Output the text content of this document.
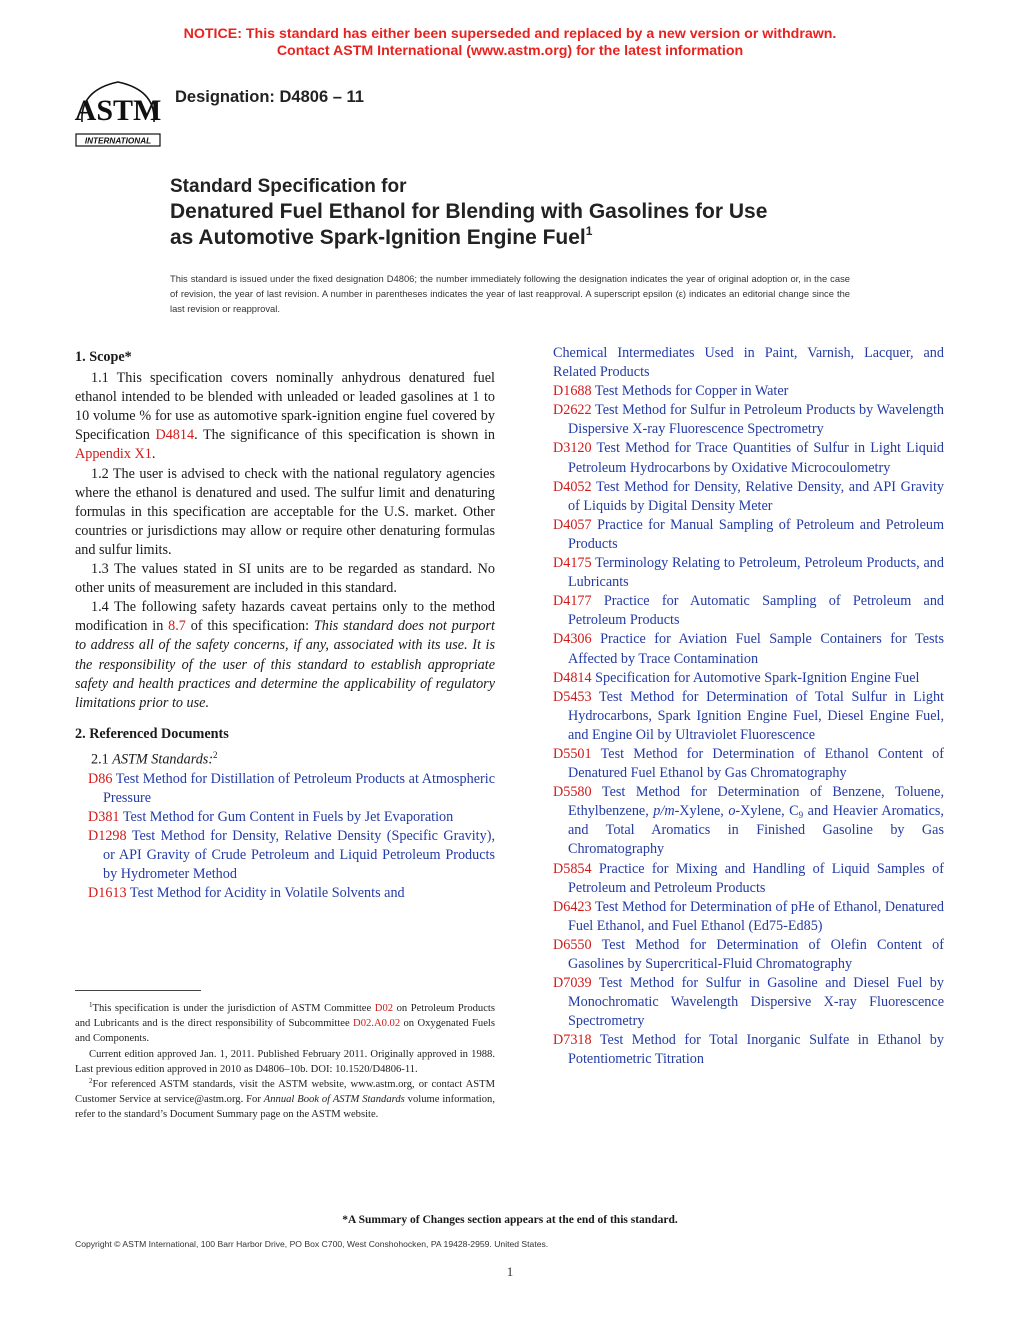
NOTICE: This standard has either been superseded and replaced by a new version or withdrawn.
Contact ASTM International (www.astm.org) for the latest information
ASTM
INTERNATIONAL
Designation: D4806 – 11
Standard Specification for
Denatured Fuel Ethanol for Blending with Gasolines for Use
as Automotive Spark-Ignition Engine Fuel$^1$
This standard is issued under the fixed designation D4806; the number immediately following the designation indicates the year of original adoption or, in the case of revision, the year of last revision. A number in parentheses indicates the year of last reapproval. A superscript epsilon (ε) indicates an editorial change since the last revision or reapproval.
1. Scope*
1.1 This specification covers nominally anhydrous denatured fuel ethanol intended to be blended with unleaded or leaded gasolines at 1 to 10 volume % for use as automotive spark-ignition engine fuel covered by Specification D4814. The significance of this specification is shown in Appendix X1.
1.2 The user is advised to check with the national regulatory agencies where the ethanol is denatured and used. The sulfur limit and denaturing formulas in this specification are acceptable for the U.S. market. Other countries or jurisdictions may allow or require other denaturing formulas and sulfur limits.
1.3 The values stated in SI units are to be regarded as standard. No other units of measurement are included in this standard.
1.4 The following safety hazards caveat pertains only to the method modification in 8.7 of this specification: This standard does not purport to address all of the safety concerns, if any, associated with its use. It is the responsibility of the user of this standard to establish appropriate safety and health practices and determine the applicability of regulatory limitations prior to use.
2. Referenced Documents
2.1 ASTM Standards:$^2$
D86 Test Method for Distillation of Petroleum Products at Atmospheric Pressure
D381 Test Method for Gum Content in Fuels by Jet Evaporation
D1298 Test Method for Density, Relative Density (Specific Gravity), or API Gravity of Crude Petroleum and Liquid Petroleum Products by Hydrometer Method
D1613 Test Method for Acidity in Volatile Solvents and
$^1$This specification is under the jurisdiction of ASTM Committee D02 on Petroleum Products and Lubricants and is the direct responsibility of Subcommittee D02.A0.02 on Oxygenated Fuels and Components.
Current edition approved Jan. 1, 2011. Published February 2011. Originally approved in 1988. Last previous edition approved in 2010 as D4806–10b. DOI: 10.1520/D4806-11.
$^2$For referenced ASTM standards, visit the ASTM website, www.astm.org, or contact ASTM Customer Service at service@astm.org. For Annual Book of ASTM Standards volume information, refer to the standard’s Document Summary page on the ASTM website.
Chemical Intermediates Used in Paint, Varnish, Lacquer, and Related Products
D1688 Test Methods for Copper in Water
D2622 Test Method for Sulfur in Petroleum Products by Wavelength Dispersive X-ray Fluorescence Spectrometry
D3120 Test Method for Trace Quantities of Sulfur in Light Liquid Petroleum Hydrocarbons by Oxidative Microcoulometry
D4052 Test Method for Density, Relative Density, and API Gravity of Liquids by Digital Density Meter
D4057 Practice for Manual Sampling of Petroleum and Petroleum Products
D4175 Terminology Relating to Petroleum, Petroleum Products, and Lubricants
D4177 Practice for Automatic Sampling of Petroleum and Petroleum Products
D4306 Practice for Aviation Fuel Sample Containers for Tests Affected by Trace Contamination
D4814 Specification for Automotive Spark-Ignition Engine Fuel
D5453 Test Method for Determination of Total Sulfur in Light Hydrocarbons, Spark Ignition Engine Fuel, Diesel Engine Fuel, and Engine Oil by Ultraviolet Fluorescence
D5501 Test Method for Determination of Ethanol Content of Denatured Fuel Ethanol by Gas Chromatography
D5580 Test Method for Determination of Benzene, Toluene, Ethylbenzene, p/m-Xylene, o-Xylene, $C_9$ and Heavier Aromatics, and Total Aromatics in Finished Gasoline by Gas Chromatography
D5854 Practice for Mixing and Handling of Liquid Samples of Petroleum and Petroleum Products
D6423 Test Method for Determination of pHe of Ethanol, Denatured Fuel Ethanol, and Fuel Ethanol (Ed75-Ed85)
D6550 Test Method for Determination of Olefin Content of Gasolines by Supercritical-Fluid Chromatography
D7039 Test Method for Sulfur in Gasoline and Diesel Fuel by Monochromatic Wavelength Dispersive X-ray Fluorescence Spectrometry
D7318 Test Method for Total Inorganic Sulfate in Ethanol by Potentiometric Titration
*A Summary of Changes section appears at the end of this standard.
Copyright © ASTM International, 100 Barr Harbor Drive, PO Box C700, West Conshohocken, PA 19428-2959. United States.
1
